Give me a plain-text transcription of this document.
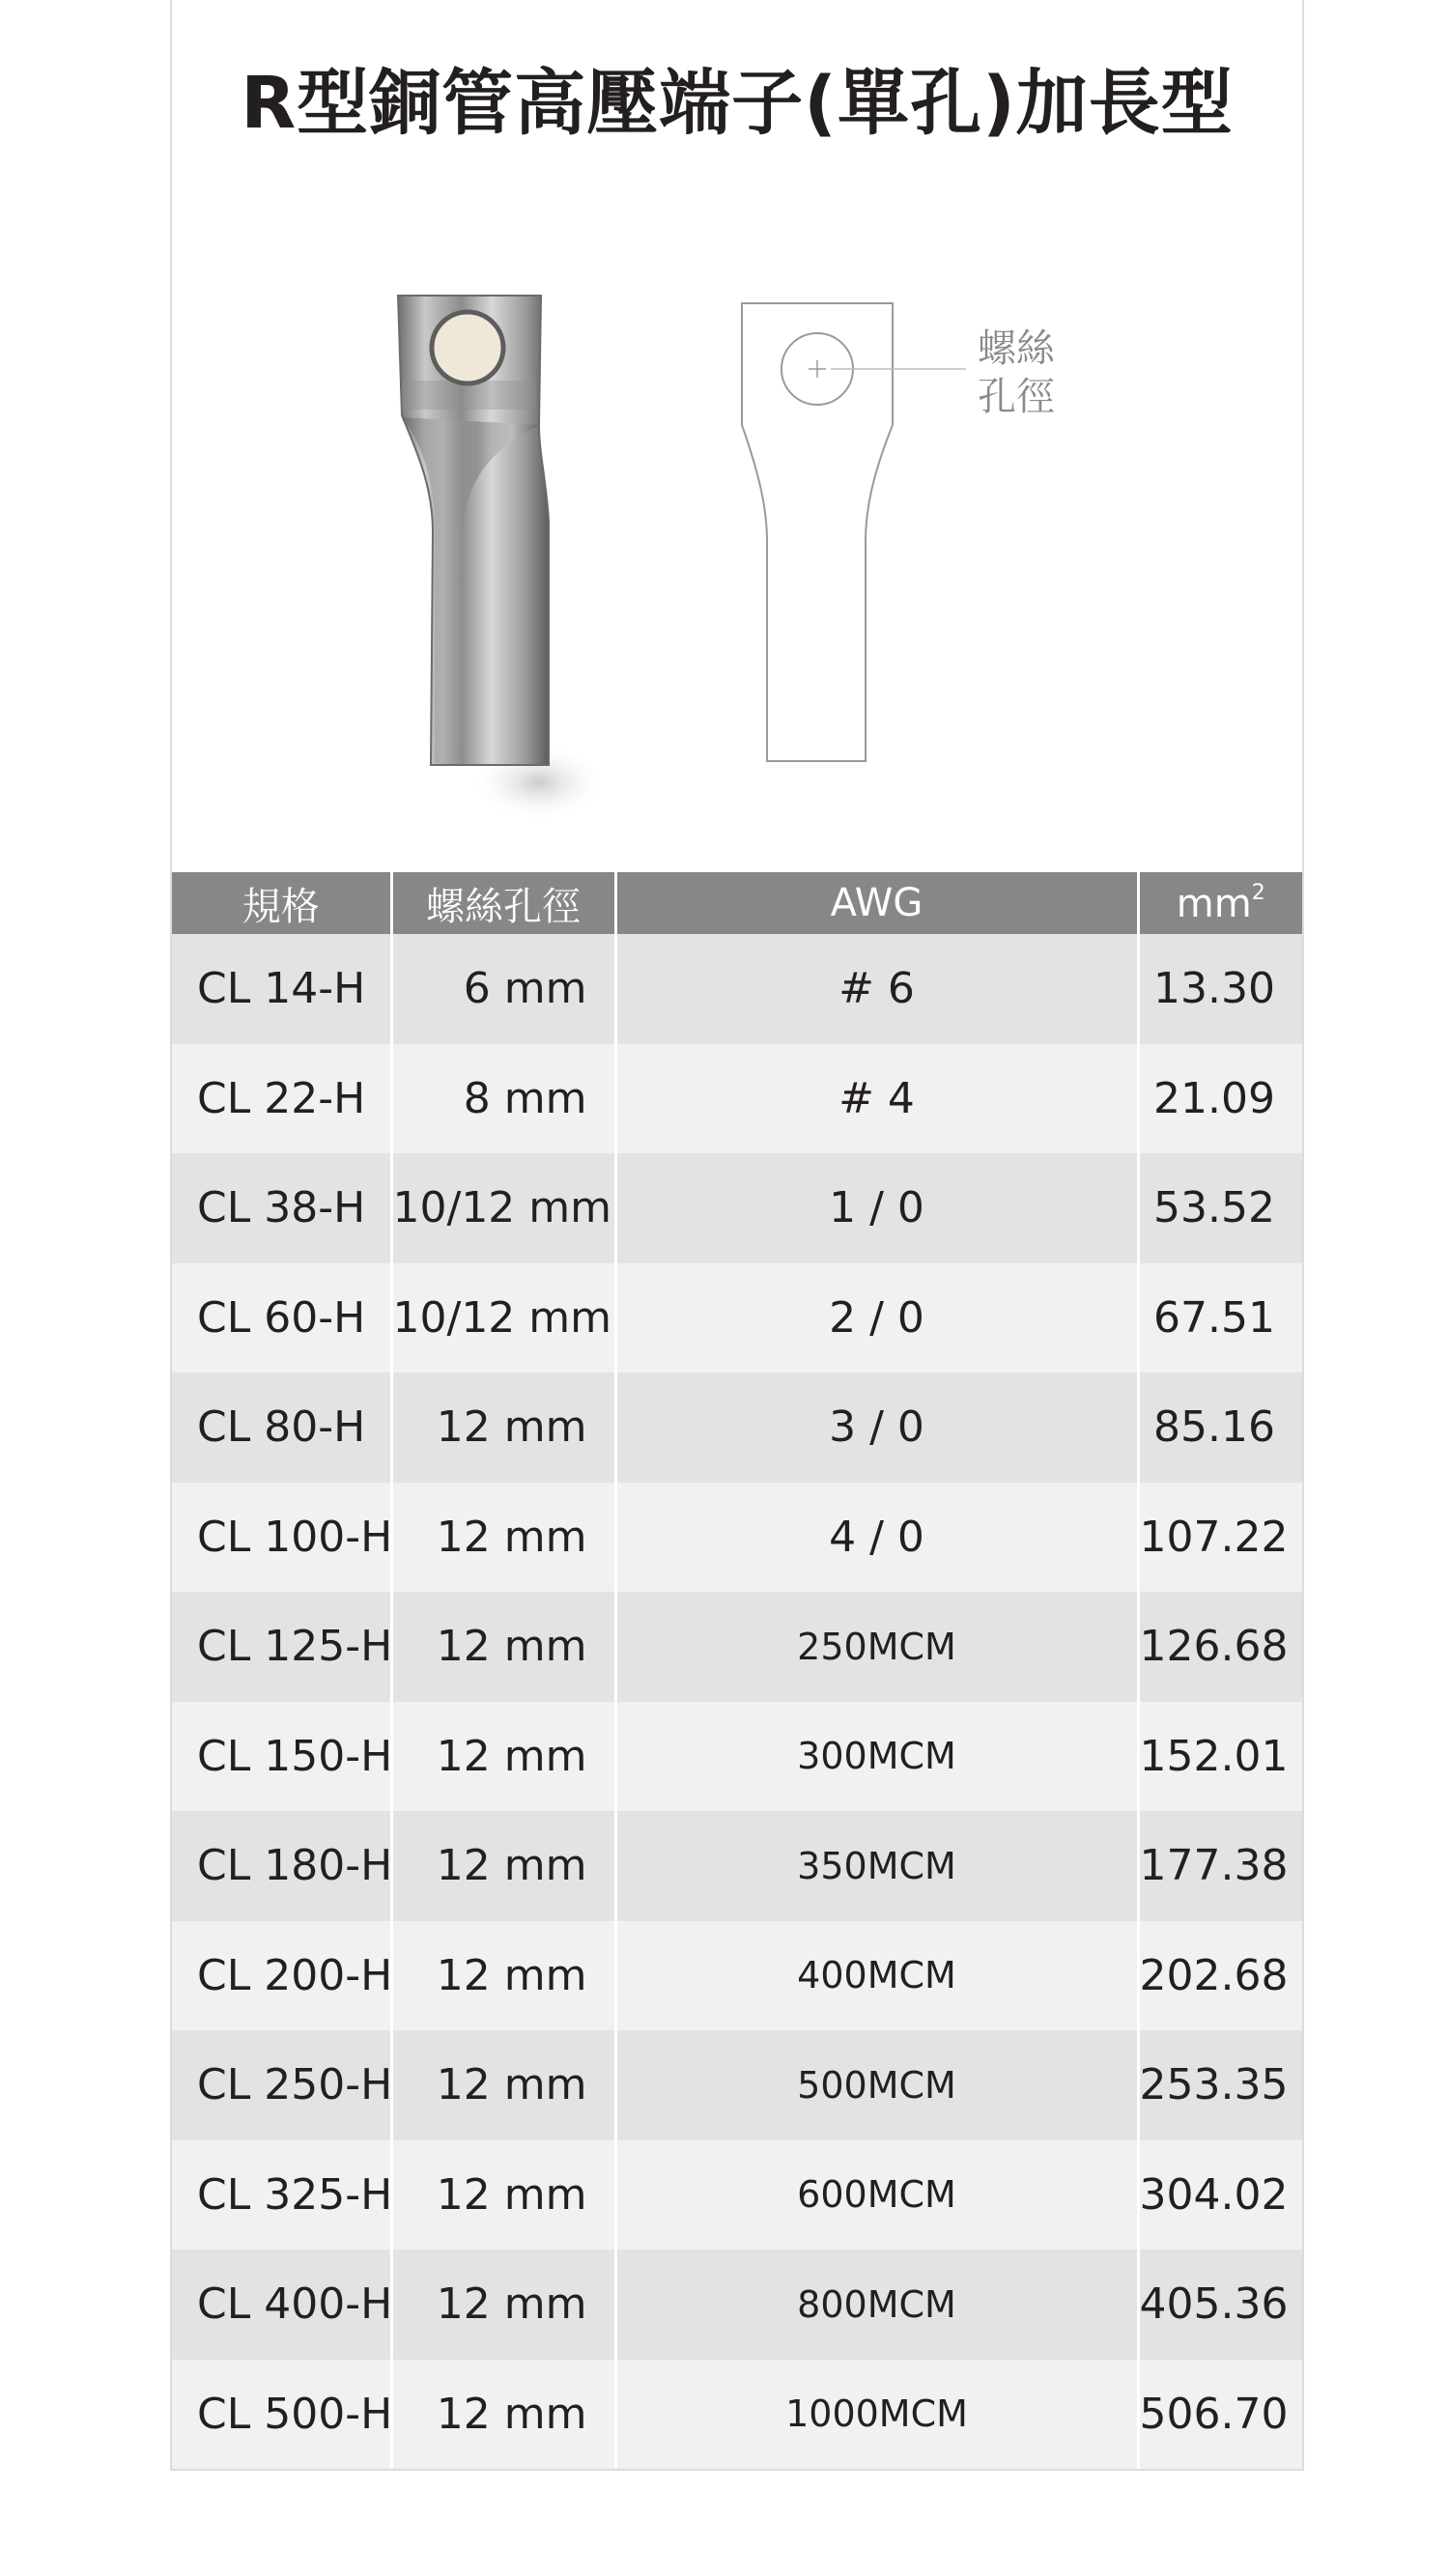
R型銅管高壓端子(單孔)加長型
螺絲
孔徑
規格	螺絲孔徑	AWG	$mm^2$
CL 14-H	6 mm	# 6	13.30
CL 22-H	8 mm	# 4	21.09
CL 38-H	10/12 mm	1 / 0	53.52
CL 60-H	10/12 mm	2 / 0	67.51
CL 80-H	12 mm	3 / 0	85.16
CL 100-H	12 mm	4 / 0	107.22
CL 125-H	12 mm	250MCM	126.68
CL 150-H	12 mm	300MCM	152.01
CL 180-H	12 mm	350MCM	177.38
CL 200-H	12 mm	400MCM	202.68
CL 250-H	12 mm	500MCM	253.35
CL 325-H	12 mm	600MCM	304.02
CL 400-H	12 mm	800MCM	405.36
CL 500-H	12 mm	1000MCM	506.70
